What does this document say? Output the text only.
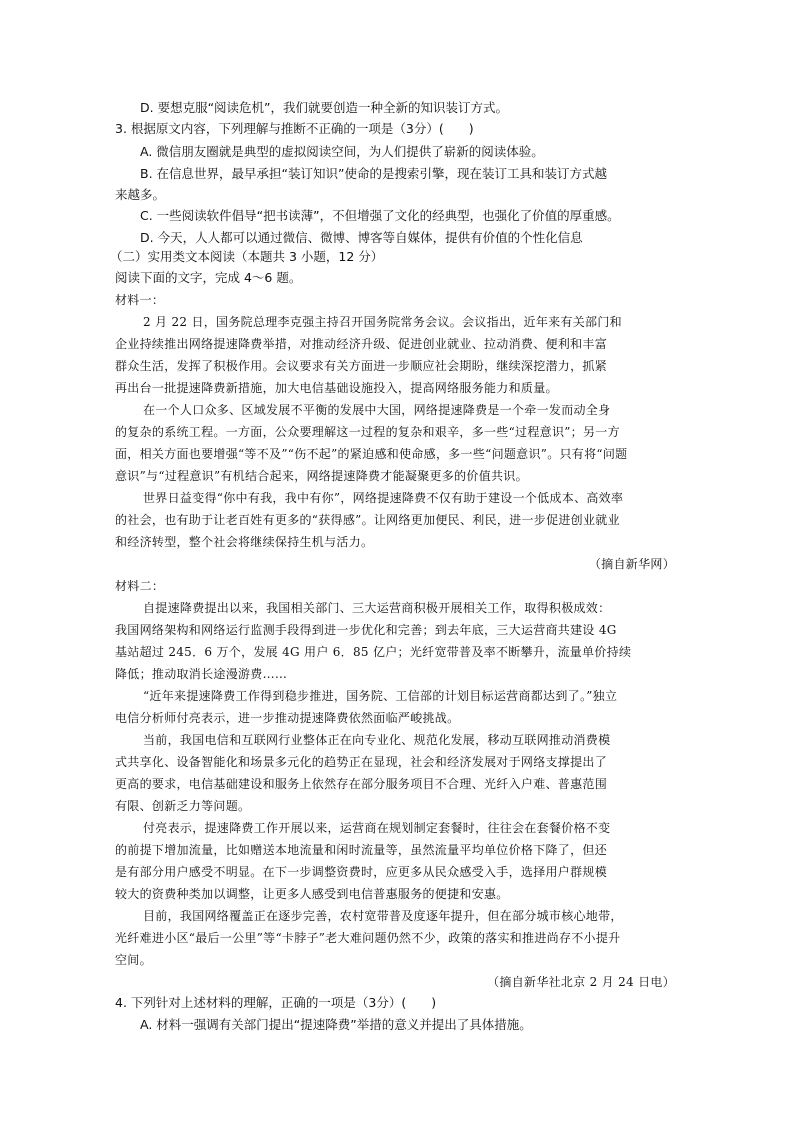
D. 要想克服“阅读危机”，我们就要创造一种全新的知识装订方式。
3. 根据原文内容，下列理解与推断不正确的一项是（3分）(　　)
A. 微信朋友圈就是典型的虚拟阅读空间，为人们提供了崭新的阅读体验。
B. 在信息世界，最早承担“装订知识”使命的是搜索引擎，现在装订工具和装订方式越
来越多。
C. 一些阅读软件倡导“把书读薄”，不但增强了文化的经典型，也强化了价值的厚重感。
D. 今天，人人都可以通过微信、微博、博客等自媒体，提供有价值的个性化信息
（二）实用类文本阅读（本题共 3 小题，12 分）
阅读下面的文字，完成 4～6 题。
材料一：
2 月 22 日，国务院总理李克强主持召开国务院常务会议。会议指出，近年来有关部门和
企业持续推出网络提速降费举措，对推动经济升级、促进创业就业、拉动消费、便利和丰富
群众生活，发挥了积极作用。会议要求有关方面进一步顺应社会期盼，继续深挖潜力，抓紧
再出台一批提速降费新措施，加大电信基础设施投入，提高网络服务能力和质量。
在一个人口众多、区域发展不平衡的发展中大国，网络提速降费是一个牵一发而动全身
的复杂的系统工程。一方面，公众要理解这一过程的复杂和艰辛，多一些“过程意识”；另一方
面，相关方面也要增强“等不及”“伤不起”的紧迫感和使命感，多一些“问题意识”。只有将“问题
意识”与“过程意识”有机结合起来，网络提速降费才能凝聚更多的价值共识。
世界日益变得“你中有我，我中有你”，网络提速降费不仅有助于建设一个低成本、高效率
的社会，也有助于让老百姓有更多的“获得感”。让网络更加便民、利民，进一步促进创业就业
和经济转型，整个社会将继续保持生机与活力。
（摘自新华网）
材料二：
自提速降费提出以来，我国相关部门、三大运营商积极开展相关工作，取得积极成效：
我国网络架构和网络运行监测手段得到进一步优化和完善；到去年底，三大运营商共建设 4G
基站超过 245．6 万个，发展 4G 用户 6．85 亿户；光纤宽带普及率不断攀升，流量单价持续
降低；推动取消长途漫游费……
“近年来提速降费工作得到稳步推进，国务院、工信部的计划目标运营商都达到了。”独立
电信分析师付亮表示，进一步推动提速降费依然面临严峻挑战。
当前，我国电信和互联网行业整体正在向专业化、规范化发展，移动互联网推动消费模
式共享化、设备智能化和场景多元化的趋势正在显现，社会和经济发展对于网络支撑提出了
更高的要求，电信基础建设和服务上依然存在部分服务项目不合理、光纤入户难、普惠范围
有限、创新乏力等问题。
付亮表示，提速降费工作开展以来，运营商在规划制定套餐时，往往会在套餐价格不变
的前提下增加流量，比如赠送本地流量和闲时流量等，虽然流量平均单位价格下降了，但还
是有部分用户感受不明显。在下一步调整资费时，应更多从民众感受入手，选择用户群规模
较大的资费种类加以调整，让更多人感受到电信普惠服务的便捷和安惠。
目前，我国网络覆盖正在逐步完善，农村宽带普及度逐年提升，但在部分城市核心地带，
光纤难进小区“最后一公里”等“卡脖子”老大难问题仍然不少，政策的落实和推进尚存不小提升
空间。
（摘自新华社北京 2 月 24 日电）
4. 下列针对上述材料的理解，正确的一项是（3分）(　　)
A. 材料一强调有关部门提出“提速降费”举措的意义并提出了具体措施。
